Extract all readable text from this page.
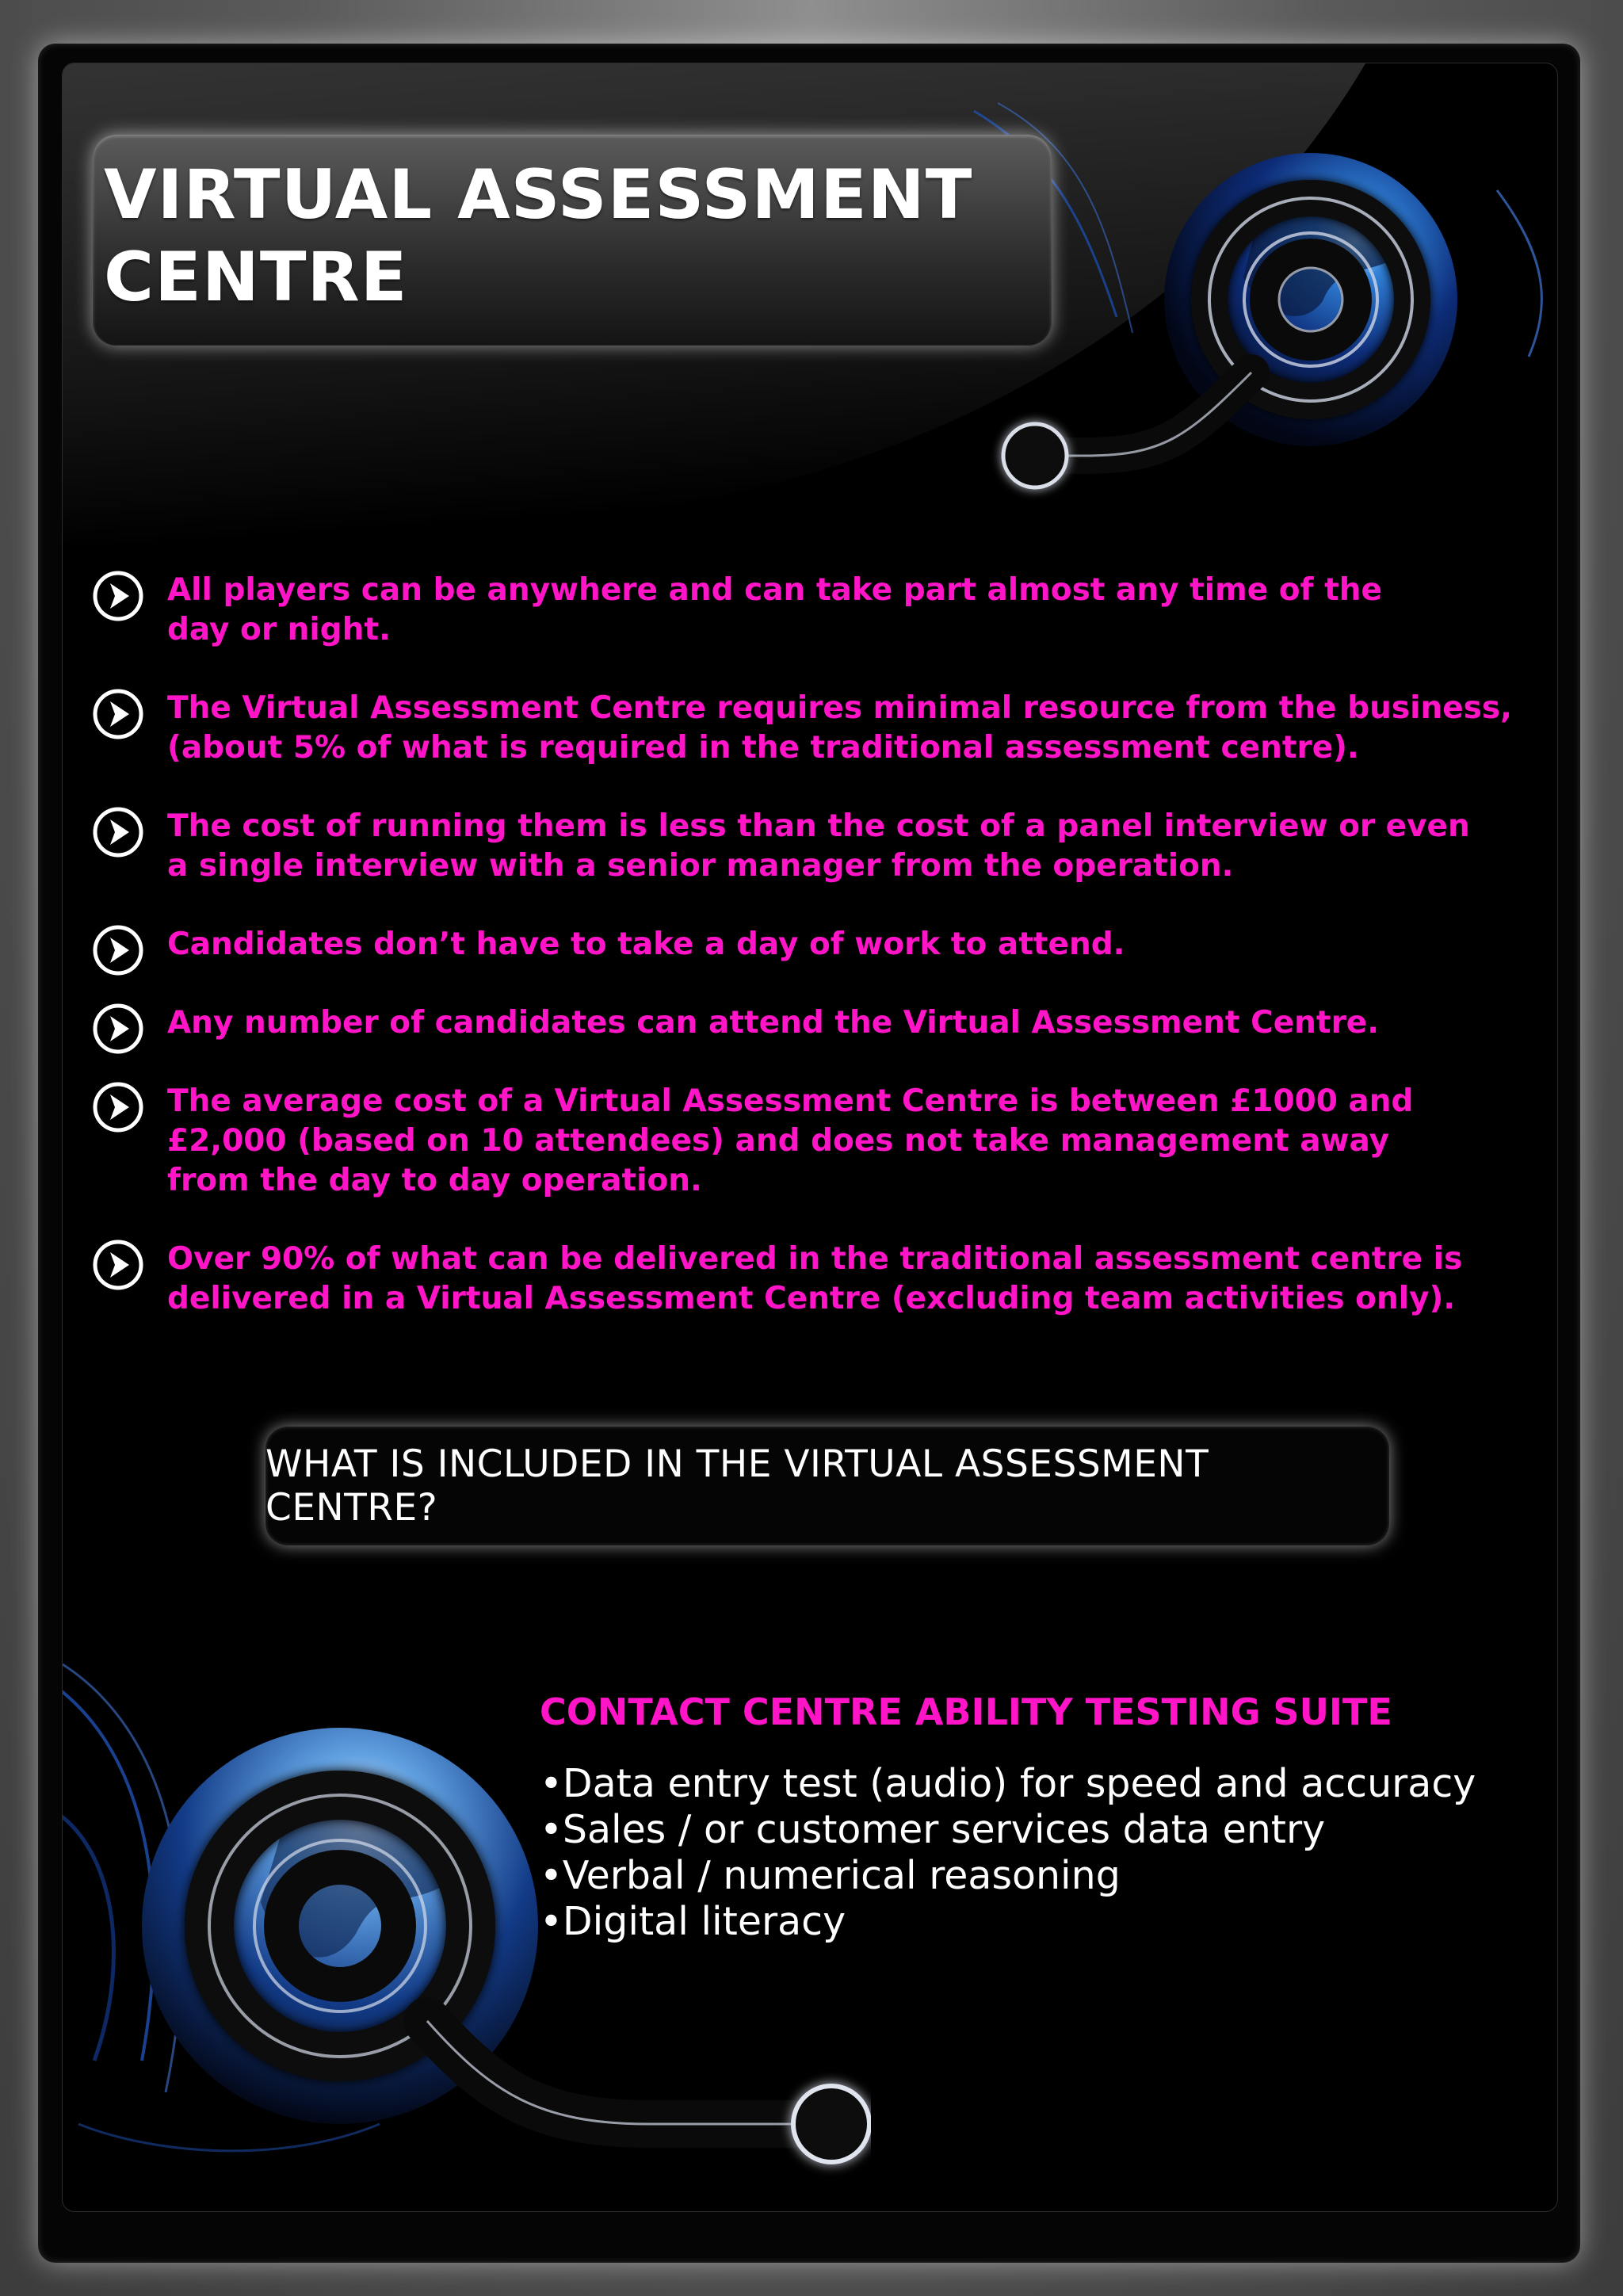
VIRTUAL ASSESSMENT
CENTRE
All players can be anywhere and can take part almost any time of the
day or night.
The Virtual Assessment Centre requires minimal resource from the business,
(about 5% of what is required in the traditional assessment centre).
The cost of running them is less than the cost of a panel interview or even
a single interview with a senior manager from the operation.
Candidates don’t have to take a day of work to attend.
Any number of candidates can attend the Virtual Assessment Centre.
The average cost of a Virtual Assessment Centre is between £1000 and
£2,000 (based on 10 attendees) and does not take management away
from the day to day operation.
Over 90% of what can be delivered in the traditional assessment centre is
delivered in a Virtual Assessment Centre (excluding team activities only).
WHAT IS INCLUDED IN THE VIRTUAL ASSESSMENT CENTRE?
CONTACT CENTRE ABILITY TESTING SUITE
•Data entry test (audio) for speed and accuracy
•Sales / or customer services data entry
•Verbal / numerical reasoning
•Digital literacy
